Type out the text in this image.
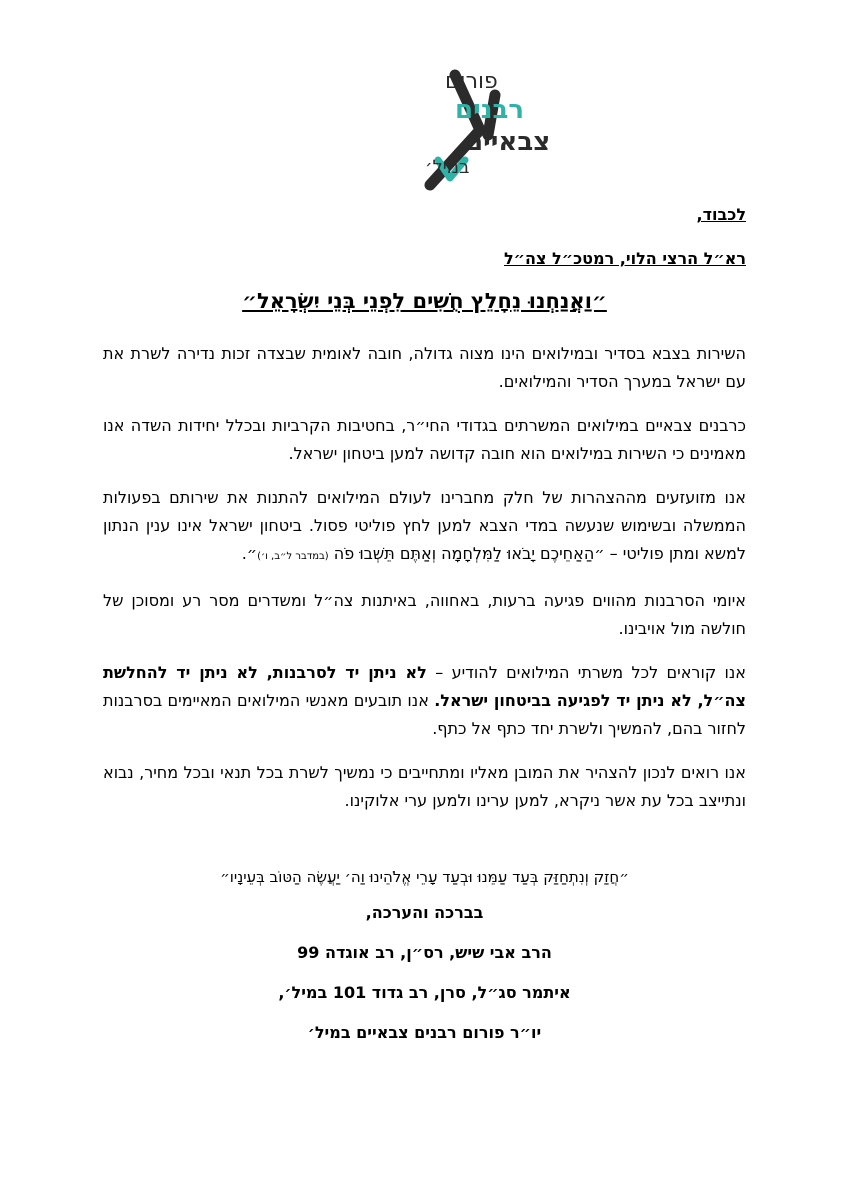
פורום
רבנים
צבאיים
במיל׳
לכבוד,
רא״ל הרצי הלוי, רמטכ״ל צה״ל
״וַאֲנַחְנוּ נֵחָלֵץ חֻשִׁים לִפְנֵי בְּנֵי יִשְׂרָאֵל״

השירות בצבא בסדיר ובמילואים הינו מצוה גדולה, חובה לאומית שבצדה זכות נדירה לשרת את עם ישראל במערך הסדיר והמילואים.

כרבנים צבאיים במילואים המשרתים בגדודי החי״ר, בחטיבות הקרביות ובכלל יחידות השדה אנו מאמינים כי השירות במילואים הוא חובה קדושה למען ביטחון ישראל.

אנו מזועזעים מההצהרות של חלק מחברינו לעולם המילואים להתנות את שירותם בפעולות הממשלה ובשימוש שנעשה במדי הצבא למען לחץ פוליטי פסול. ביטחון ישראל אינו ענין הנתון למשא ומתן פוליטי – ״הַאַחֵיכֶם יָבֹאוּ לַמִּלְחָמָה וְאַתֶּם תֵּשְׁבוּ פֹה (במדבר ל״ב, ו׳)״.

איומי הסרבנות מהווים פגיעה ברעות, באחווה, באיתנות צה״ל ומשדרים מסר רע ומסוכן של חולשה מול אויבינו.

אנו קוראים לכל משרתי המילואים להודיע – לא ניתן יד לסרבנות, לא ניתן יד להחלשת צה״ל, לא ניתן יד לפגיעה בביטחון ישראל. אנו תובעים מאנשי המילואים המאיימים בסרבנות לחזור בהם, להמשיך ולשרת יחד כתף אל כתף.

אנו רואים לנכון להצהיר את המובן מאליו ומתחייבים כי נמשיך לשרת בכל תנאי ובכל מחיר, נבוא ונתייצב בכל עת אשר ניקרא, למען ערינו ולמען ערי אלוקינו.

״חֲזַק וְנִתְחַזַּק בְּעַד עַמֵּנוּ וּבְעַד עָרֵי אֱלֹהֵינוּ וַה׳ יַעֲשֶׂה הַטּוֹב בְּעֵינָיו״
בברכה והערכה,
הרב אבי שיש, רס״ן, רב אוגדה 99
איתמר סג״ל, סרן, רב גדוד 101 במיל׳,
יו״ר פורום רבנים צבאיים במיל׳
